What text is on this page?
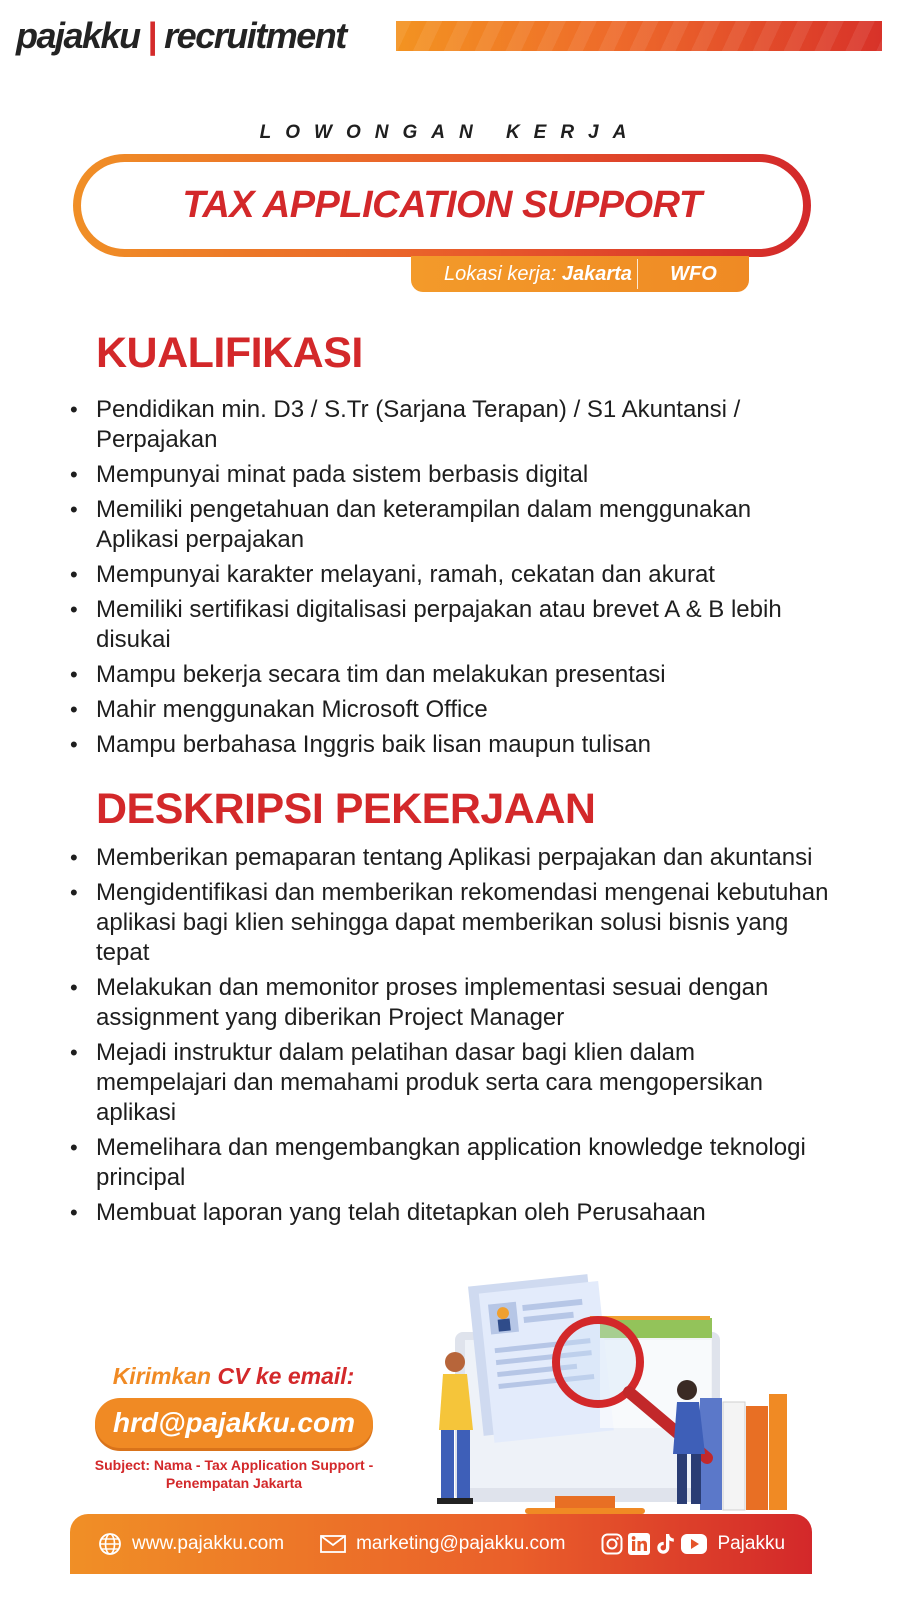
pajakku | recruitment
LOWONGAN KERJA
TAX APPLICATION SUPPORT
Lokasi kerja: Jakarta	WFO
KUALIFIKASI
• Pendidikan min. D3 / S.Tr (Sarjana Terapan) / S1 Akuntansi / Perpajakan
• Mempunyai minat pada sistem berbasis digital
• Memiliki pengetahuan dan keterampilan dalam menggunakan Aplikasi perpajakan
• Mempunyai karakter melayani, ramah, cekatan dan akurat
• Memiliki sertifikasi digitalisasi perpajakan atau brevet A & B lebih disukai
• Mampu bekerja secara tim dan melakukan presentasi
• Mahir menggunakan Microsoft Office
• Mampu berbahasa Inggris baik lisan maupun tulisan
DESKRIPSI PEKERJAAN
• Memberikan pemaparan tentang Aplikasi perpajakan dan akuntansi
• Mengidentifikasi dan memberikan rekomendasi mengenai kebutuhan aplikasi bagi klien sehingga dapat memberikan solusi bisnis yang tepat
• Melakukan dan memonitor proses implementasi sesuai dengan assignment yang diberikan Project Manager
• Mejadi instruktur dalam pelatihan dasar bagi klien dalam mempelajari dan memahami produk serta cara mengopersikan aplikasi
• Memelihara dan mengembangkan application knowledge teknologi principal
• Membuat laporan yang telah ditetapkan oleh Perusahaan
Kirimkan CV ke email:
hrd@pajakku.com
Subject: Nama - Tax Application Support -
Penempatan Jakarta
www.pajakku.com	marketing@pajakku.com	Pajakku
